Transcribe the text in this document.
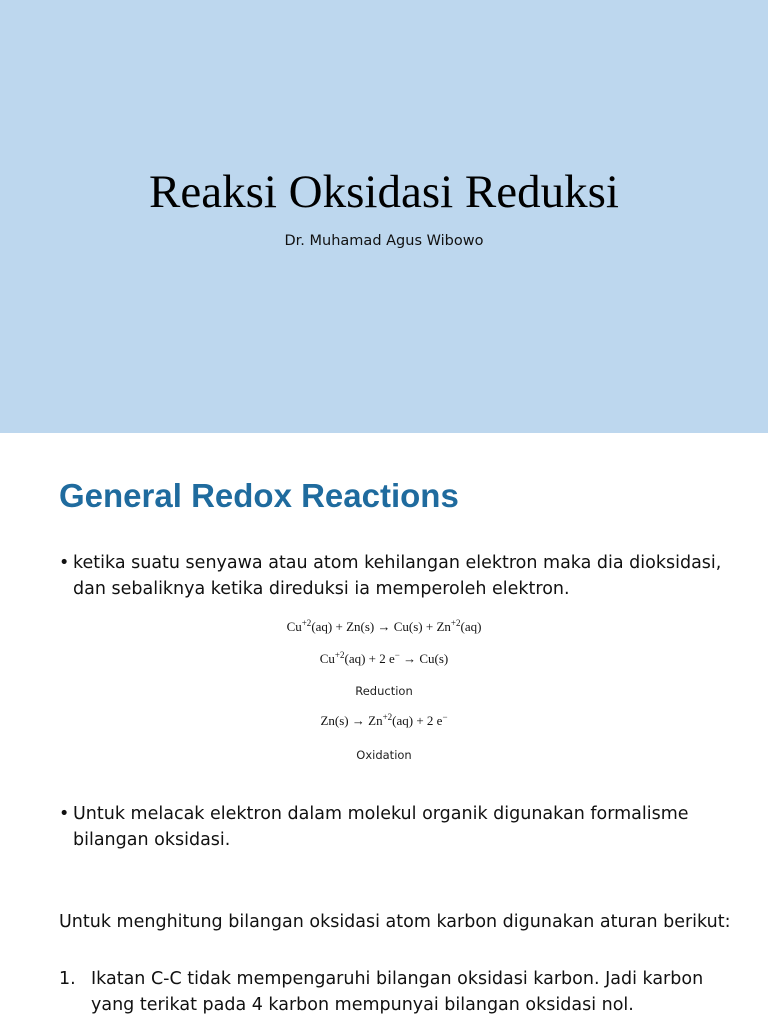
Reaksi Oksidasi Reduksi
Dr. Muhamad Agus Wibowo
General Redox Reactions
• ketika suatu senyawa atau atom kehilangan elektron maka dia dioksidasi, dan sebaliknya ketika direduksi ia memperoleh elektron.
$Cu^{+2}(aq) + Zn(s) \to Cu(s) + Zn^{+2}(aq)$
$Cu^{+2}(aq) + 2$ e− → Cu(s)
Reduction
$Zn(s) \to Zn^{+2}(aq) + 2$ e−
Oxidation
• Untuk melacak elektron dalam molekul organik digunakan formalisme bilangan oksidasi.
Untuk menghitung bilangan oksidasi atom karbon digunakan aturan berikut:
1. Ikatan C-C tidak mempengaruhi bilangan oksidasi karbon. Jadi karbon yang terikat pada 4 karbon mempunyai bilangan oksidasi nol.
